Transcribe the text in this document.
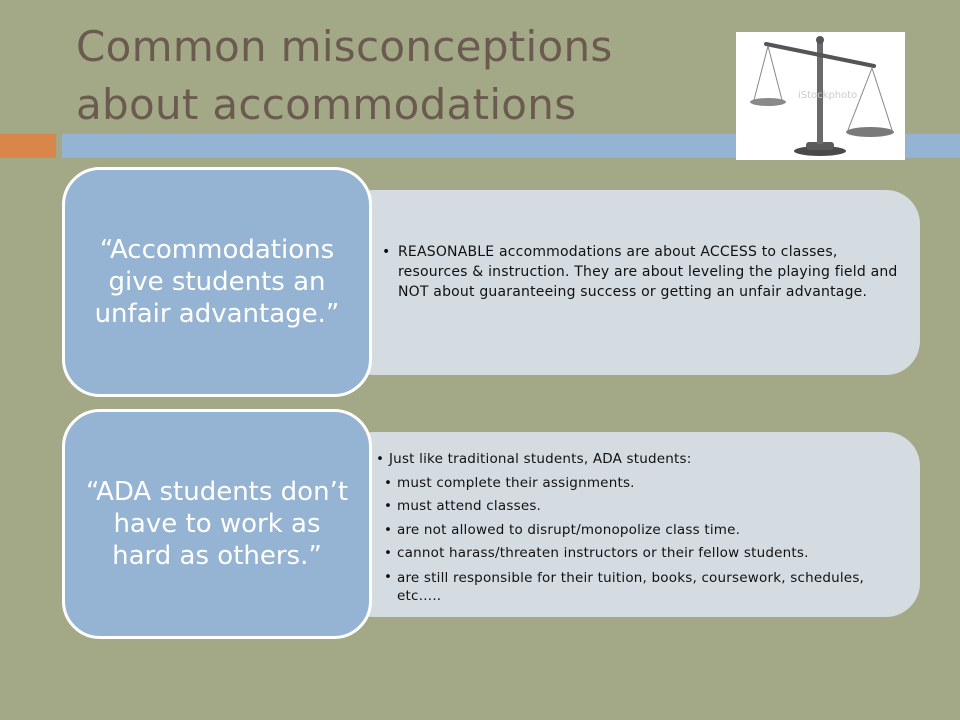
Common misconceptions about accommodations	iStockphoto
“Accommodations give students an unfair advantage.”
• REASONABLE accommodations are about ACCESS to classes, resources & instruction. They are about leveling the playing field and NOT about guaranteeing success or getting an unfair advantage.
“ADA students don’t have to work as hard as others.”
• Just like traditional students, ADA students:
• must complete their assignments.
• must attend classes.
• are not allowed to disrupt/monopolize class time.
• cannot harass/threaten instructors or their fellow students.
• are still responsible for their tuition, books, coursework, schedules, etc…..
